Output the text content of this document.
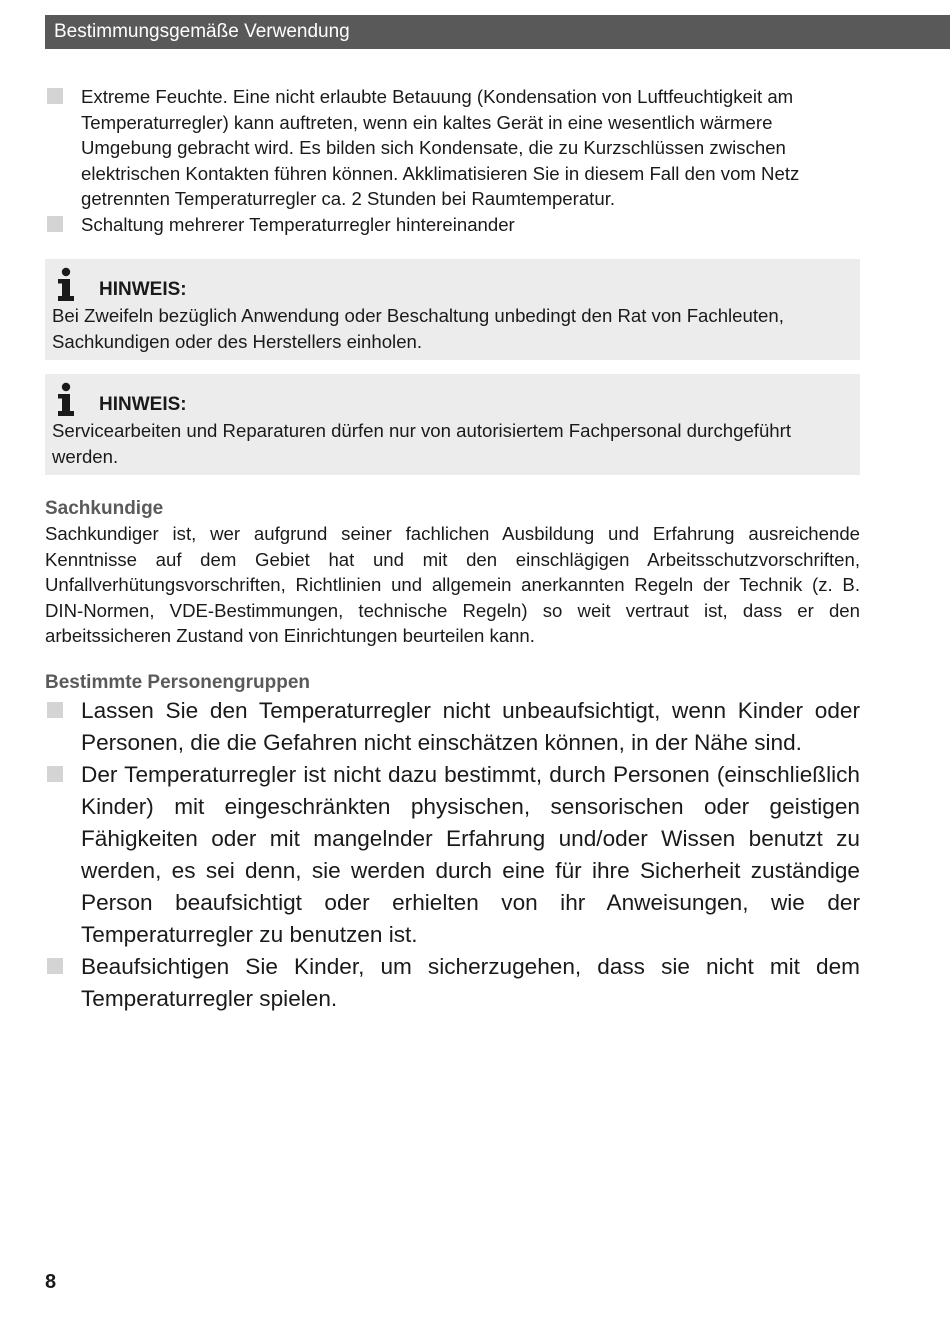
Bestimmungsgemäße Verwendung
Extreme Feuchte. Eine nicht erlaubte Betauung (Kondensation von Luftfeuchtigkeit am Temperaturregler) kann auftreten, wenn ein kaltes Gerät in eine wesentlich wärmere Umgebung gebracht wird. Es bilden sich Kondensate, die zu Kurzschlüssen zwischen elektrischen Kontakten führen können. Akklimatisieren Sie in diesem Fall den vom Netz getrennten Temperaturregler ca. 2 Stunden bei Raumtemperatur.
Schaltung mehrerer Temperaturregler hintereinander
HINWEIS:
Bei Zweifeln bezüglich Anwendung oder Beschaltung unbedingt den Rat von Fachleuten, Sachkundigen oder des Herstellers einholen.
HINWEIS:
Servicearbeiten und Reparaturen dürfen nur von autorisiertem Fachpersonal durchgeführt werden.
Sachkundige
Sachkundiger ist, wer aufgrund seiner fachlichen Ausbildung und Erfahrung ausreichende Kenntnisse auf dem Gebiet hat und mit den einschlägigen Arbeitsschutzvorschriften, Unfallverhütungsvorschriften, Richtlinien und allgemein anerkannten Regeln der Technik (z. B. DIN-Normen, VDE-Bestimmungen, technische Regeln) so weit vertraut ist, dass er den arbeitssicheren Zustand von Einrichtungen beurteilen kann.
Bestimmte Personengruppen
Lassen Sie den Temperaturregler nicht unbeaufsichtigt, wenn Kinder oder Personen, die die Gefahren nicht einschätzen können, in der Nähe sind.
Der Temperaturregler ist nicht dazu bestimmt, durch Personen (einschließlich Kinder) mit eingeschränkten physischen, sensorischen oder geistigen Fähigkeiten oder mit mangelnder Erfahrung und/oder Wissen benutzt zu werden, es sei denn, sie werden durch eine für ihre Sicherheit zuständige Person beaufsichtigt oder erhielten von ihr Anweisungen, wie der Temperaturregler zu benutzen ist.
Beaufsichtigen Sie Kinder, um sicherzugehen, dass sie nicht mit dem Temperaturregler spielen.
8
